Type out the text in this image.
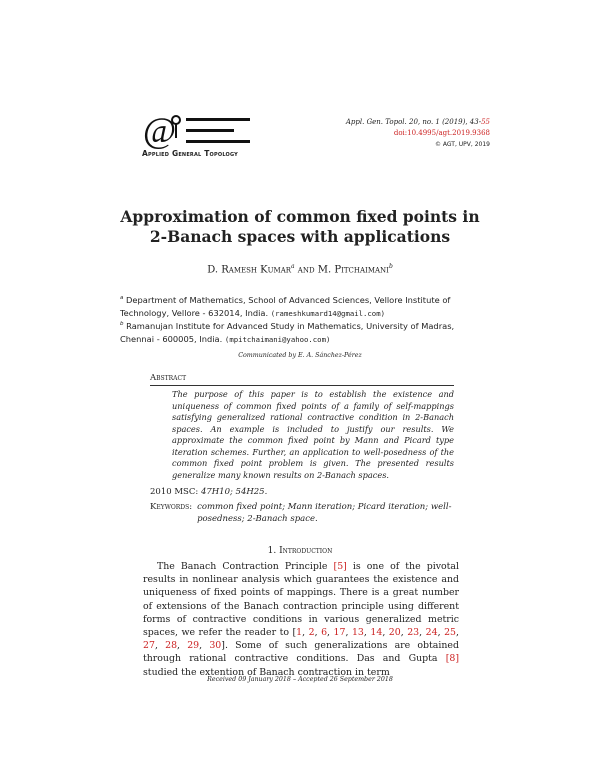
@
Applied General Topology
Appl. Gen. Topol. 20, no. 1 (2019), 43-55
doi:10.4995/agt.2019.9368
© AGT, UPV, 2019
Approximation of common fixed points in
2-Banach spaces with applications
D. Ramesh Kumar$^a$ and M. Pitchaimani$^b$
$^a$ Department of Mathematics, School of Advanced Sciences, Vellore Institute of Technology, Vellore - 632014, India. (rameshkumard14@gmail.com)
$^b$ Ramanujan Institute for Advanced Study in Mathematics, University of Madras, Chennai - 600005, India. (mpitchaimani@yahoo.com)
Communicated by E. A. Sánchez-Pérez
Abstract
The purpose of this paper is to establish the existence and uniqueness of common fixed points of a family of self-mappings satisfying generalized rational contractive condition in 2-Banach spaces. An example is included to justify our results. We approximate the common fixed point by Mann and Picard type iteration schemes. Further, an application to well-posedness of the common fixed point problem is given. The presented results generalize many known results on 2-Banach spaces.
2010 MSC: 47H10; 54H25.
Keywords: common fixed point; Mann iteration; Picard iteration; well-posedness; 2-Banach space.
1. Introduction

The Banach Contraction Principle [5] is one of the pivotal results in nonlinear analysis which guarantees the existence and uniqueness of fixed points of mappings. There is a great number of extensions of the Banach contraction principle using different forms of contractive conditions in various generalized metric spaces, we refer the reader to [1, 2, 6, 17, 13, 14, 20, 23, 24, 25, 27, 28, 29, 30]. Some of such generalizations are obtained through rational contractive conditions. Das and Gupta [8] studied the extention of Banach contraction in term

Received 09 January 2018 – Accepted 26 September 2018
